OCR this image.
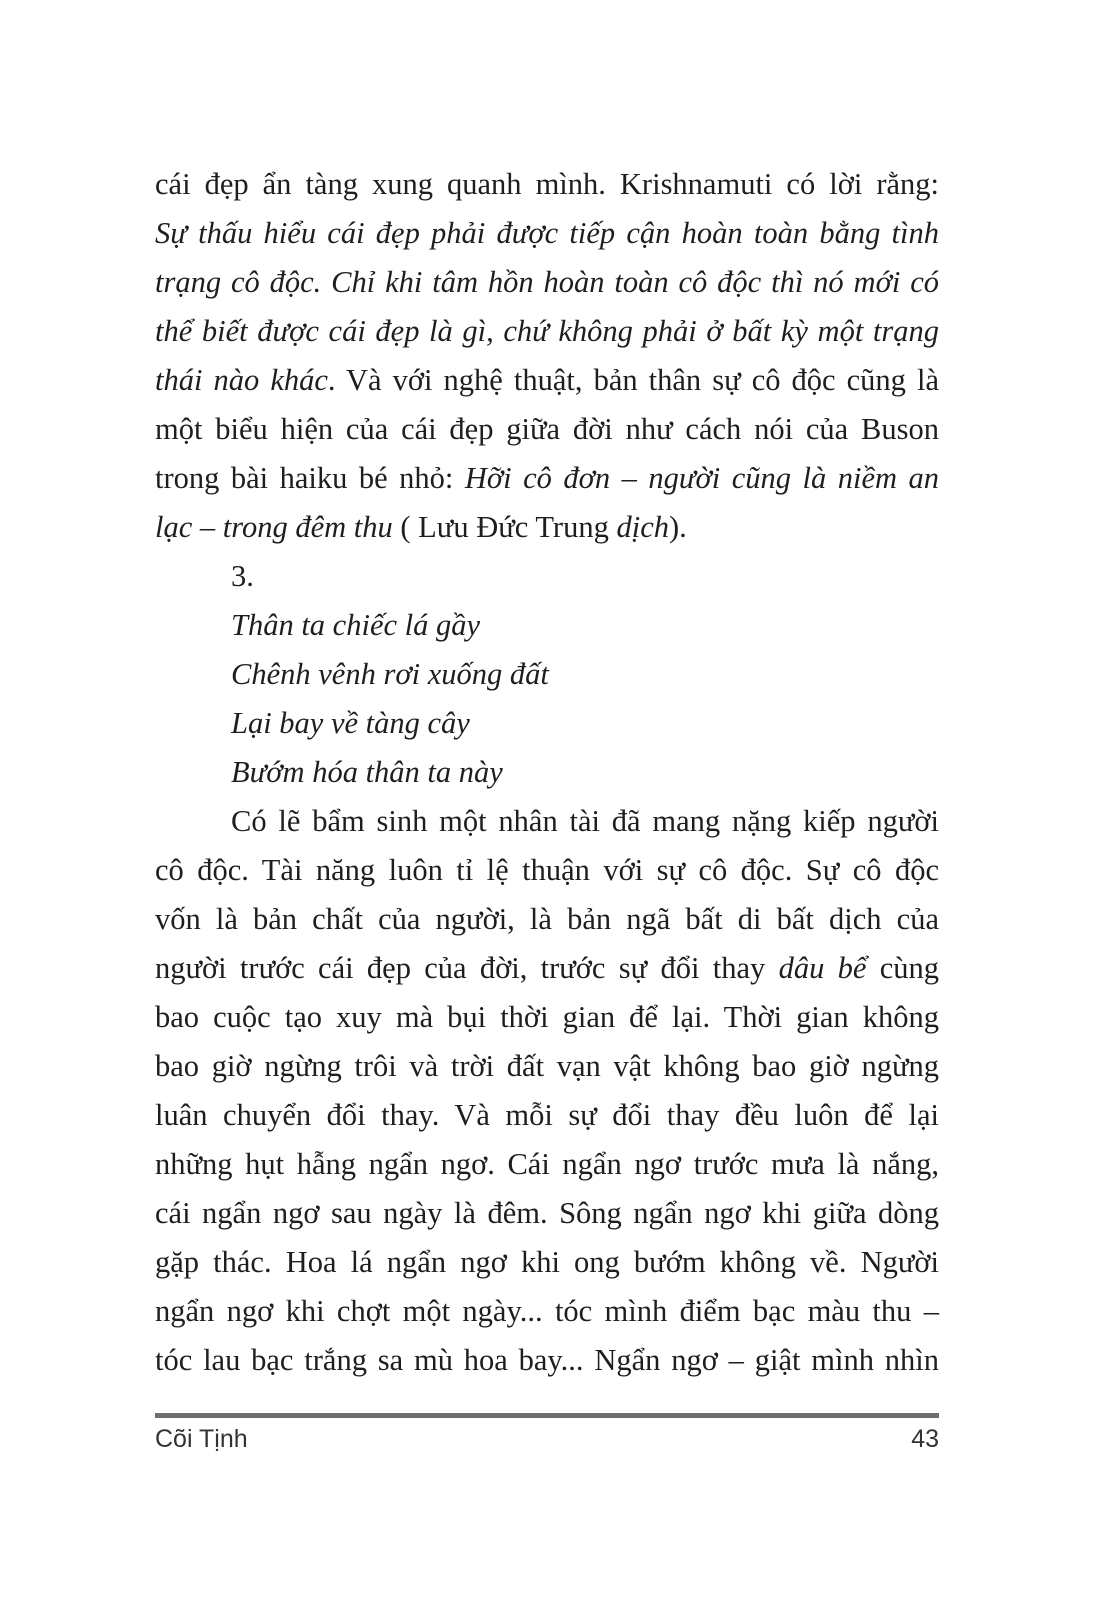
cái đẹp ẩn tàng xung quanh mình. Krishnamuti có lời rằng:
Sự thấu hiểu cái đẹp phải được tiếp cận hoàn toàn bằng tình
trạng cô độc. Chỉ khi tâm hồn hoàn toàn cô độc thì nó mới có
thể biết được cái đẹp là gì, chứ không phải ở bất kỳ một trạng
thái nào khác. Và với nghệ thuật, bản thân sự cô độc cũng là
một biểu hiện của cái đẹp giữa đời như cách nói của Buson
trong bài haiku bé nhỏ: Hỡi cô đơn – người cũng là niềm an
lạc – trong đêm thu ( Lưu Đức Trung dịch).
3.
Thân ta chiếc lá gầy
Chênh vênh rơi xuống đất
Lại bay về tàng cây
Bướm hóa thân ta này
Có lẽ bẩm sinh một nhân tài đã mang nặng kiếp người
cô độc. Tài năng luôn tỉ lệ thuận với sự cô độc. Sự cô độc
vốn là bản chất của người, là bản ngã bất di bất dịch của
người trước cái đẹp của đời, trước sự đổi thay dâu bể cùng
bao cuộc tạo xuy mà bụi thời gian để lại. Thời gian không
bao giờ ngừng trôi và trời đất vạn vật không bao giờ ngừng
luân chuyển đổi thay. Và mỗi sự đổi thay đều luôn để lại
những hụt hẫng ngẩn ngơ. Cái ngẩn ngơ trước mưa là nắng,
cái ngẩn ngơ sau ngày là đêm. Sông ngẩn ngơ khi giữa dòng
gặp thác. Hoa lá ngẩn ngơ khi ong bướm không về. Người
ngẩn ngơ khi chợt một ngày... tóc mình điểm bạc màu thu –
tóc lau bạc trắng sa mù hoa bay... Ngẩn ngơ – giật mình nhìn
Cõi Tịnh	43
